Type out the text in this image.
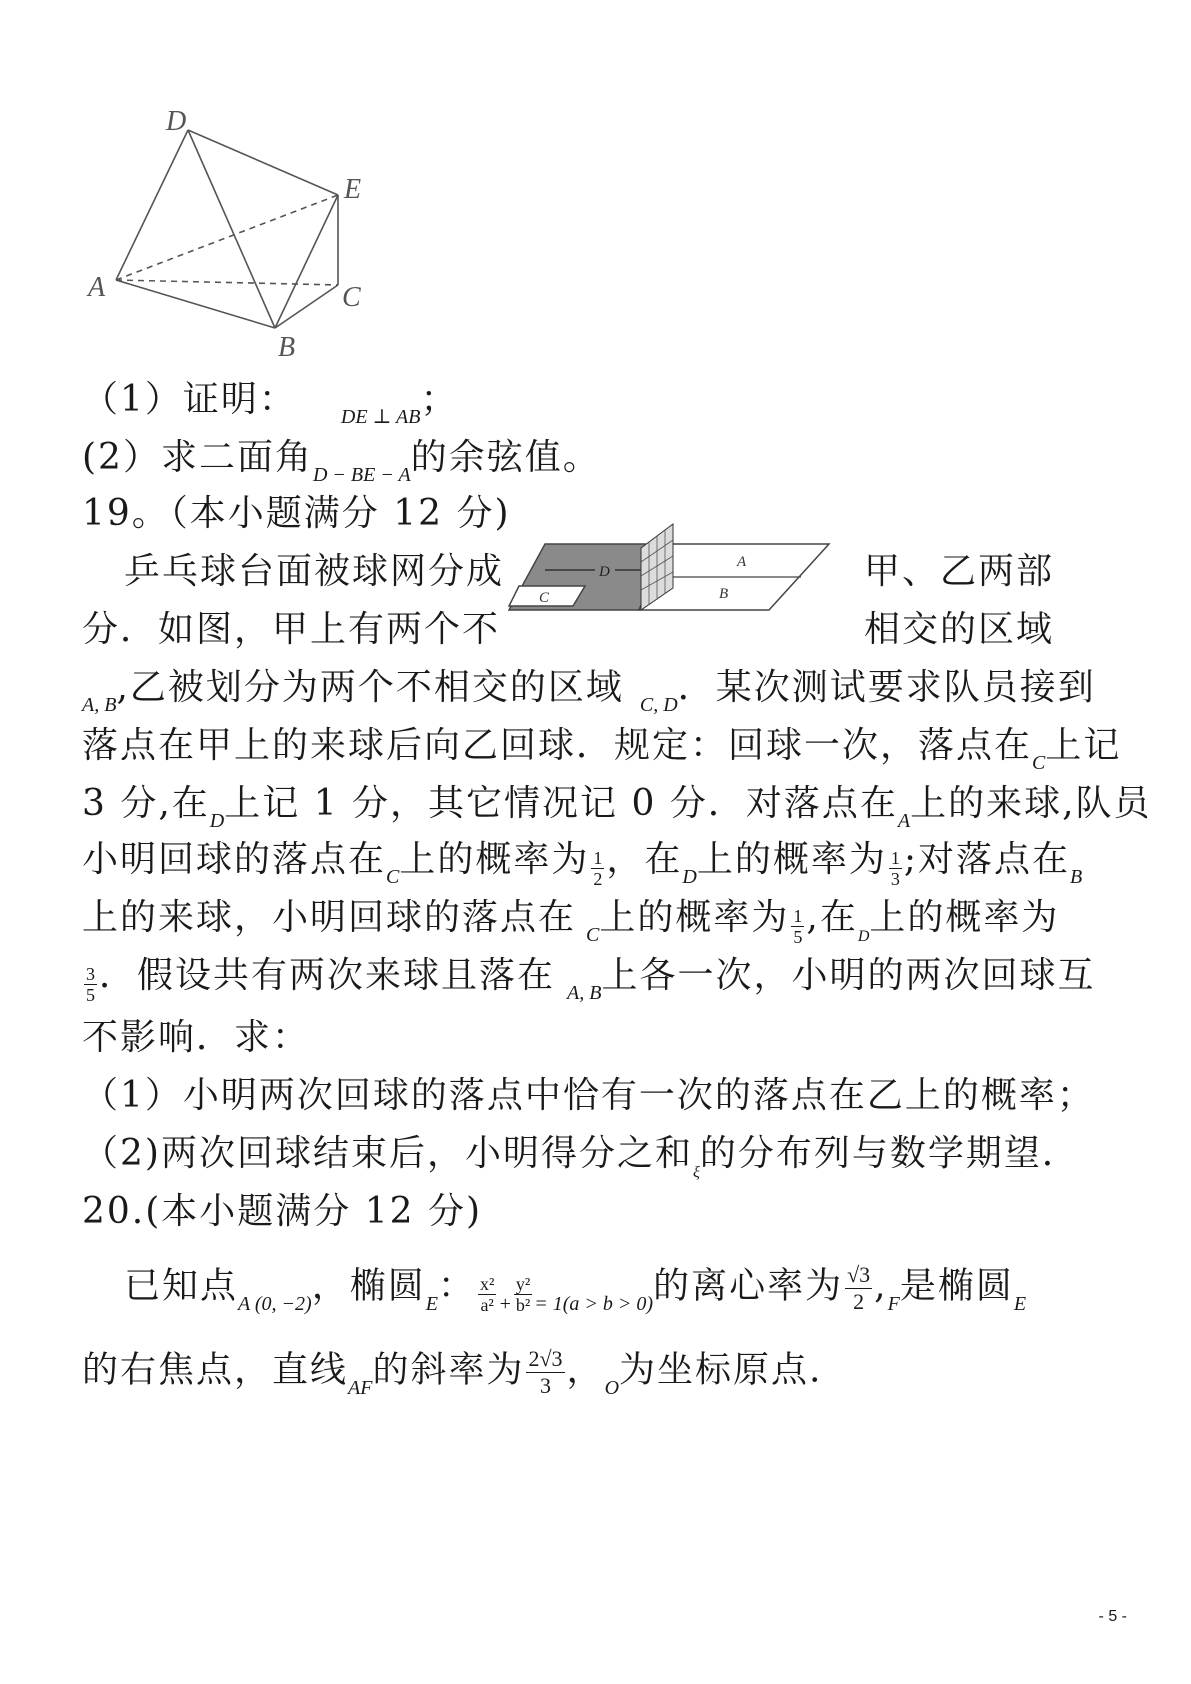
D
E
A	C
B
（1）证明： $_{DE \perp AB}$；
(2）求二面角$_{D - BE - A}$的余弦值。
19。（本小题满分 12 分)
乒乓球台面被球网分成	甲、乙两部
分．如图，甲上有两个不	相交的区域
A
B
C
D
$_{A, B}$,乙被划分为两个不相交的区域 $_{C, D}$．某次测试要求队员接到
落点在甲上的来球后向乙回球．规定：回球一次，落点在$_C$上记
3 分,在$_D$上记 1 分，其它情况记 0 分．对落点在$_A$上的来球,队员
小明回球的落点在$_C$上的概率为 $\frac{1}{2}$ ，在$_D$上的概率为 $\frac{1}{3}$ ;对落点在$_B$
上的来球，小明回球的落点在 $_C$上的概率为 $\frac{1}{5}$ ,在$_D$上的概率为
$\frac{3}{5}$ ．假设共有两次来球且落在 $_{A, B}$上各一次，小明的两次回球互
不影响．求：
（1）小明两次回球的落点中恰有一次的落点在乙上的概率；
（2)两次回球结束后，小明得分之和$_\xi$的分布列与数学期望．
20.(本小题满分 12 分)
已知点$_{A (0, -2)}$，椭圆$_E$： $\frac{\text{x²}}{\text{a²}} _+ \frac{\text{y²}}{\text{b²}} _{= 1(a > b > 0)}$的离心率为 $\frac{√3}{2} ,_F$是椭圆$_E$
的右焦点，直线$_{AF}$的斜率为 $\frac{2√3}{3}$ ，$_O$为坐标原点.
- 5 -
